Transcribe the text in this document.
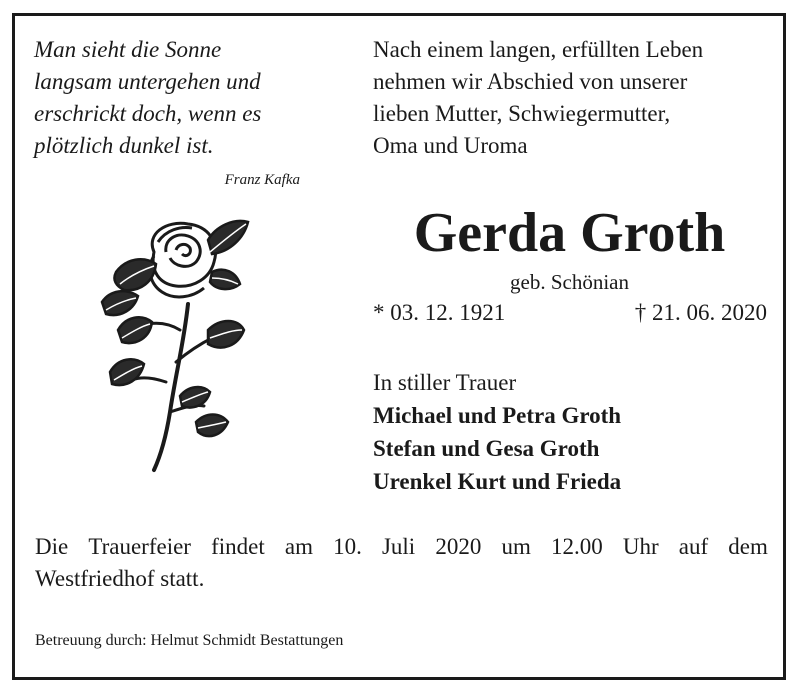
Man sieht die Sonne
langsam untergehen und
erschrickt doch, wenn es
plötzlich dunkel ist.
Franz Kafka
Nach einem langen, erfüllten Leben
nehmen wir Abschied von unserer
lieben Mutter, Schwiegermutter,
Oma und Uroma
Gerda Groth
geb. Schönian
* 03. 12. 1921	† 21. 06. 2020
In stiller Trauer
Michael und Petra Groth
Stefan und Gesa Groth
Urenkel Kurt und Frieda
Die Trauerfeier findet am 10. Juli 2020 um 12.00 Uhr auf dem
Westfriedhof statt.
Betreuung durch: Helmut Schmidt Bestattungen
